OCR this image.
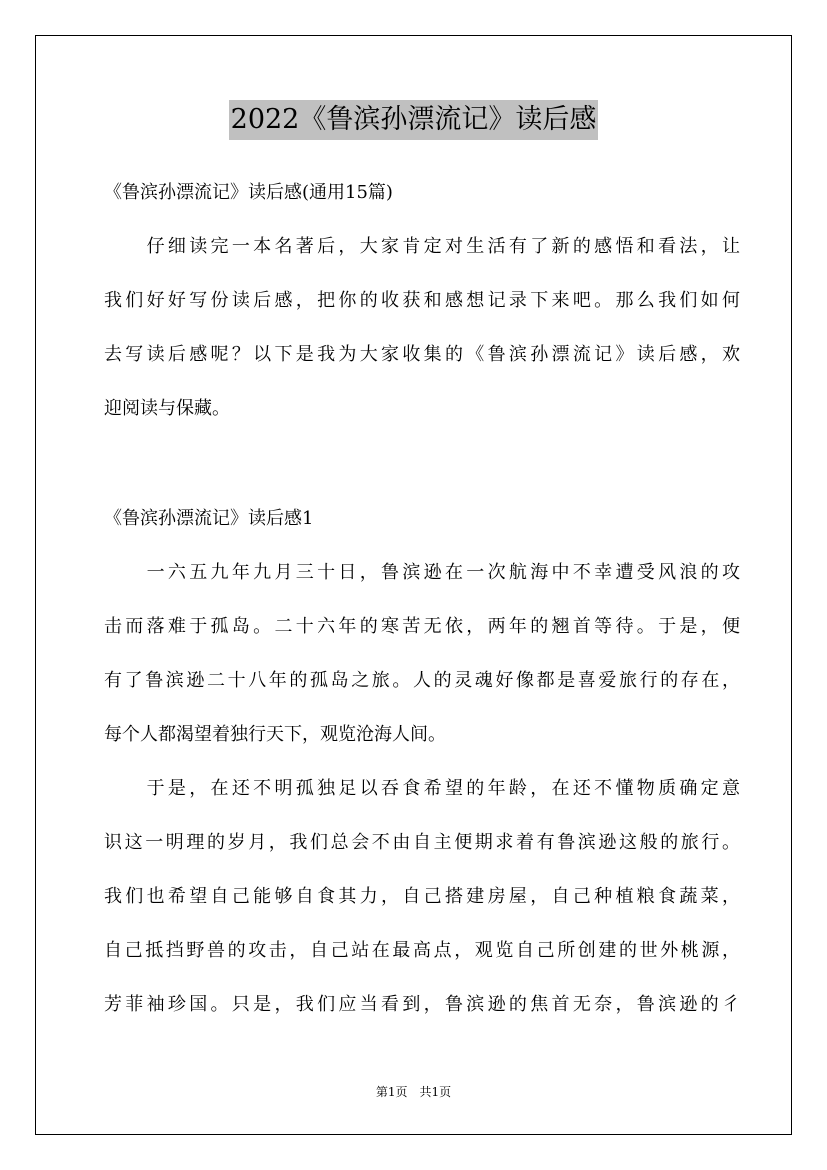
2022《鲁滨孙漂流记》读后感
《鲁滨孙漂流记》读后感(通用15篇)
　　仔细读完一本名著后，大家肯定对生活有了新的感悟和看法，让
我们好好写份读后感，把你的收获和感想记录下来吧。那么我们如何
去写读后感呢？以下是我为大家收集的《鲁滨孙漂流记》读后感，欢
迎阅读与保藏。
《鲁滨孙漂流记》读后感1
　　一六五九年九月三十日，鲁滨逊在一次航海中不幸遭受风浪的攻
击而落难于孤岛。二十六年的寒苦无依，两年的翘首等待。于是，便
有了鲁滨逊二十八年的孤岛之旅。人的灵魂好像都是喜爱旅行的存在，
每个人都渴望着独行天下，观览沧海人间。
　　于是，在还不明孤独足以吞食希望的年龄，在还不懂物质确定意
识这一明理的岁月，我们总会不由自主便期求着有鲁滨逊这般的旅行。
我们也希望自己能够自食其力，自己搭建房屋，自己种植粮食蔬菜，
自己抵挡野兽的攻击，自己站在最高点，观览自己所创建的世外桃源，
芳菲袖珍国。只是，我们应当看到，鲁滨逊的焦首无奈，鲁滨逊的彳
第1页　共1页
